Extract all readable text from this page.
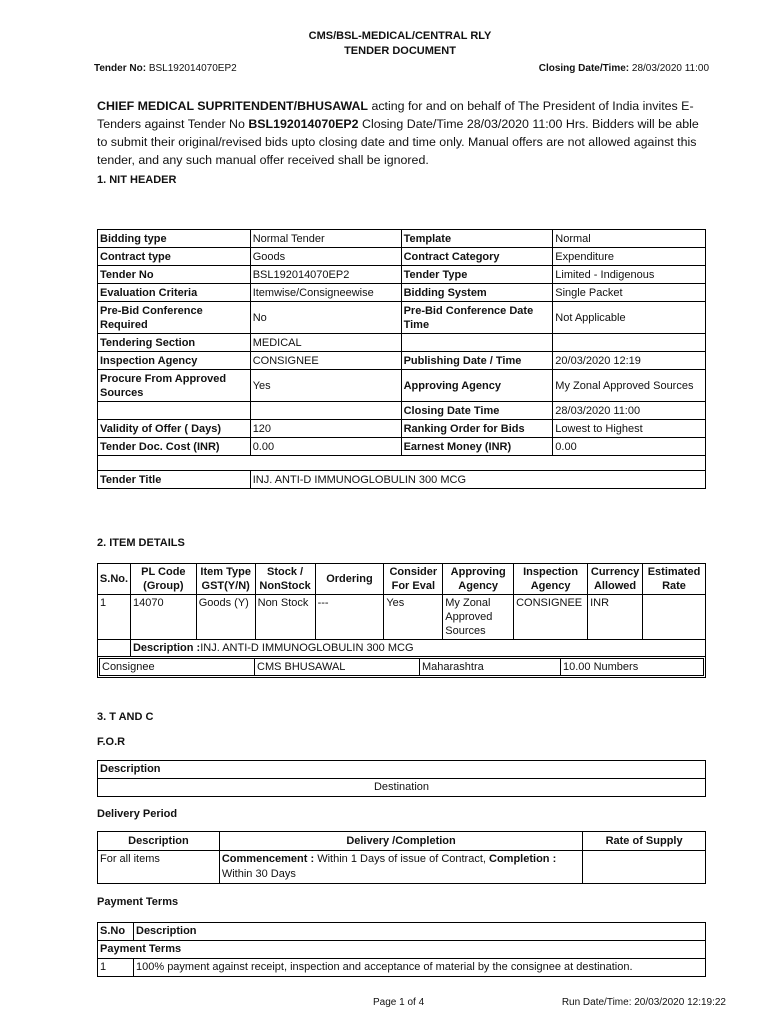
CMS/BSL-MEDICAL/CENTRAL RLY
TENDER DOCUMENT
Tender No: BSL192014070EP2	Closing Date/Time: 28/03/2020 11:00
CHIEF MEDICAL SUPRITENDENT/BHUSAWAL acting for and on behalf of The President of India invites E-Tenders against Tender No BSL192014070EP2 Closing Date/Time 28/03/2020 11:00 Hrs. Bidders will be able to submit their original/revised bids upto closing date and time only. Manual offers are not allowed against this tender, and any such manual offer received shall be ignored.
1. NIT HEADER
Bidding type	Normal Tender	Template	Normal
Contract type	Goods	Contract Category	Expenditure
Tender No	BSL192014070EP2	Tender Type	Limited - Indigenous
Evaluation Criteria	Itemwise/Consigneewise	Bidding System	Single Packet
Pre-Bid Conference Required	No	Pre-Bid Conference Date Time	Not Applicable
Tendering Section	MEDICAL		
Inspection Agency	CONSIGNEE	Publishing Date / Time	20/03/2020 12:19
Procure From Approved Sources	Yes	Approving Agency	My Zonal Approved Sources
		Closing Date Time	28/03/2020 11:00
Validity of Offer ( Days)	120	Ranking Order for Bids	Lowest to Highest
Tender Doc. Cost (INR)	0.00	Earnest Money (INR)	0.00

Tender Title	INJ. ANTI-D IMMUNOGLOBULIN 300 MCG		
2. ITEM DETAILS
S.No.	PL Code (Group)	Item Type GST(Y/N)	Stock / NonStock	Ordering	Consider For Eval	Approving Agency	Inspection Agency	Currency Allowed	Estimated Rate
1	14070	Goods (Y)	Non Stock	---	Yes	My Zonal Approved Sources	CONSIGNEE	INR	
	Description :INJ. ANTI-D IMMUNOGLOBULIN 300 MCG

Consignee	CMS BHUSAWAL	Maharashtra	10.00 Numbers
3. T AND C
F.O.R
Description
Destination
Delivery Period
Description	Delivery /Completion	Rate of Supply
For all items	Commencement : Within 1 Days of issue of Contract, Completion :
Within 30 Days	
Payment Terms
S.No	Description
Payment Terms	
1	100% payment against receipt, inspection and acceptance of material by the consignee at destination.
Page 1 of 4	Run Date/Time: 20/03/2020 12:19:22
